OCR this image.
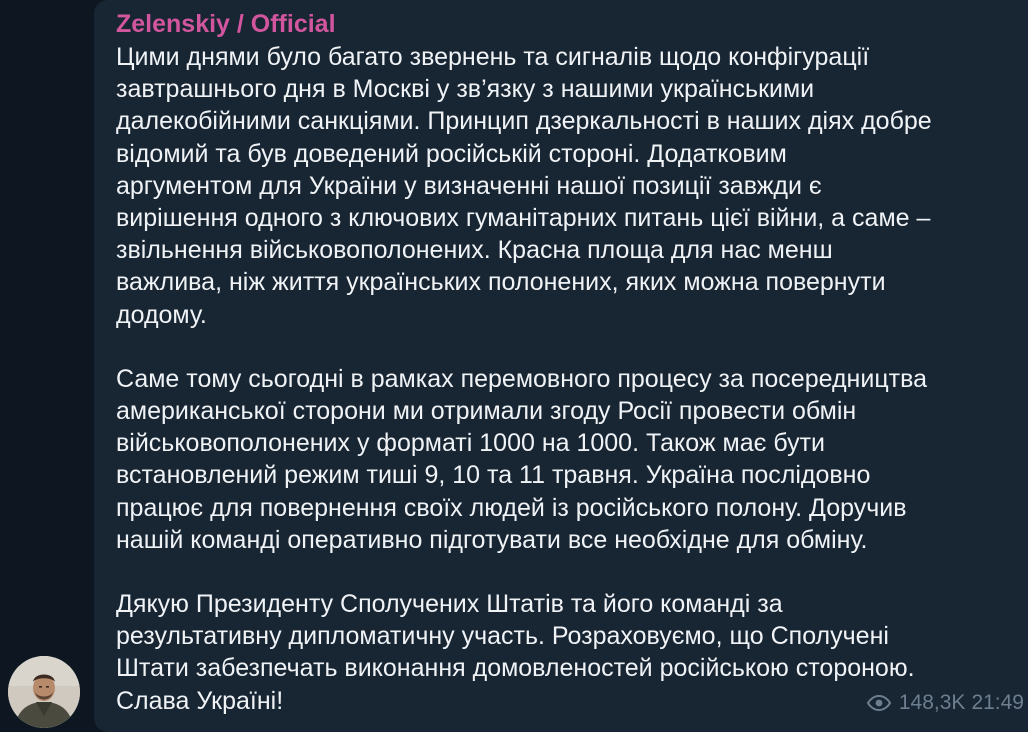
Zelenskiy / Official

Цими днями було багато звернень та сигналів щодо конфігурації
завтрашнього дня в Москві у зв’язку з нашими українськими
далекобійними санкціями. Принцип дзеркальності в наших діях добре
відомий та був доведений російській стороні. Додатковим
аргументом для України у визначенні нашої позиції завжди є
вирішення одного з ключових гуманітарних питань цієї війни, а саме –
звільнення військовополонених. Красна площа для нас менш
важлива, ніж життя українських полонених, яких можна повернути
додому.

Саме тому сьогодні в рамках перемовного процесу за посередництва
американської сторони ми отримали згоду Росії провести обмін
військовополонених у форматі 1000 на 1000. Також має бути
встановлений режим тиші 9, 10 та 11 травня. Україна послідовно
працює для повернення своїх людей із російського полону. Доручив
нашій команді оперативно підготувати все необхідне для обміну.

Дякую Президенту Сполучених Штатів та його команді за
результативну дипломатичну участь. Розраховуємо, що Сполучені
Штати забезпечать виконання домовленостей російською стороною.
Слава Україні!	148,3K 21:49
